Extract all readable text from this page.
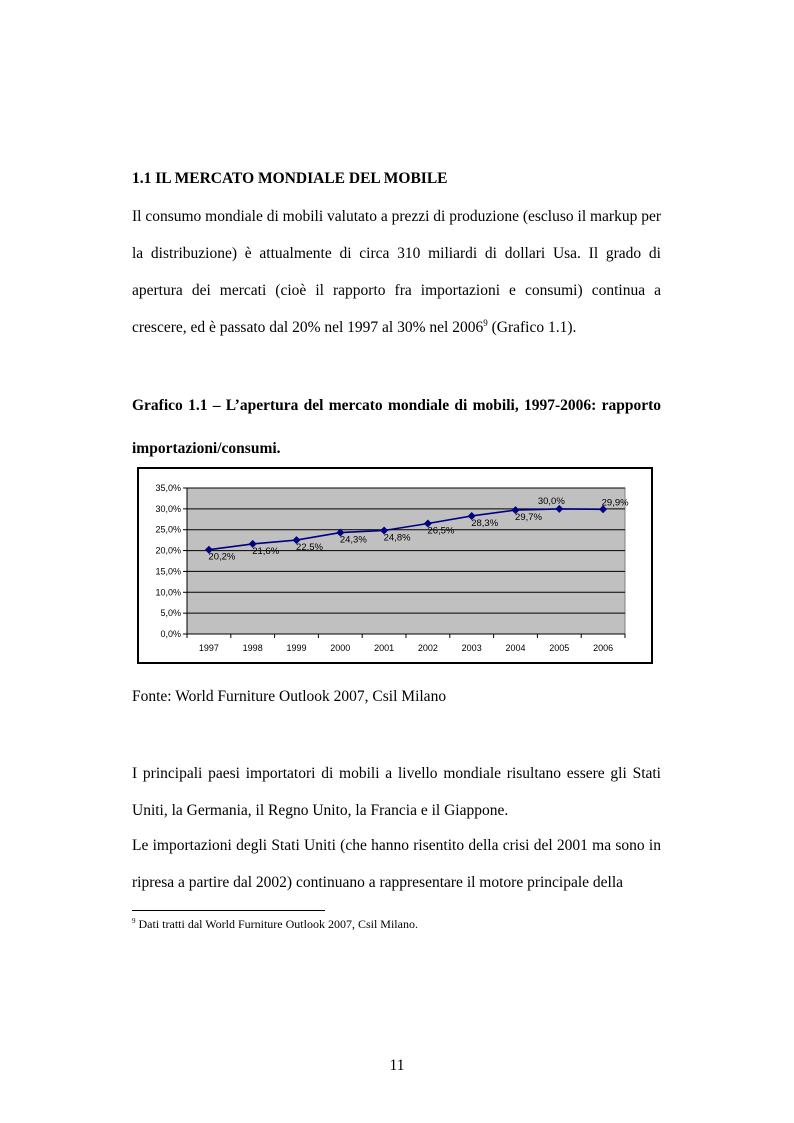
1.1 IL MERCATO MONDIALE DEL MOBILE

Il consumo mondiale di mobili valutato a prezzi di produzione (escluso il markup per la distribuzione) è attualmente di circa 310 miliardi di dollari Usa. Il grado di apertura dei mercati (cioè il rapporto fra importazioni e consumi) continua a crescere, ed è passato dal 20% nel 1997 al 30% nel 2006$^9$ (Grafico 1.1).

Grafico 1.1 – L’apertura del mercato mondiale di mobili, 1997-2006: rapporto importazioni/consumi.

0,0%
5,0%
10,0%
15,0%
20,0%
25,0%
30,0%
35,0%
1997	1998	1999	2000	2001	2002	2003	2004	2005	2006
20,2%
21,6% 22,5%
24,3% 24,8%
26,5%
28,3%
29,7%
30,0%	29,9%

Fonte: World Furniture Outlook 2007, Csil Milano

I principali paesi importatori di mobili a livello mondiale risultano essere gli Stati Uniti, la Germania, il Regno Unito, la Francia e il Giappone.

Le importazioni degli Stati Uniti (che hanno risentito della crisi del 2001 ma sono in ripresa a partire dal 2002) continuano a rappresentare il motore principale della

$^9$ Dati tratti dal World Furniture Outlook 2007, Csil Milano.

11
